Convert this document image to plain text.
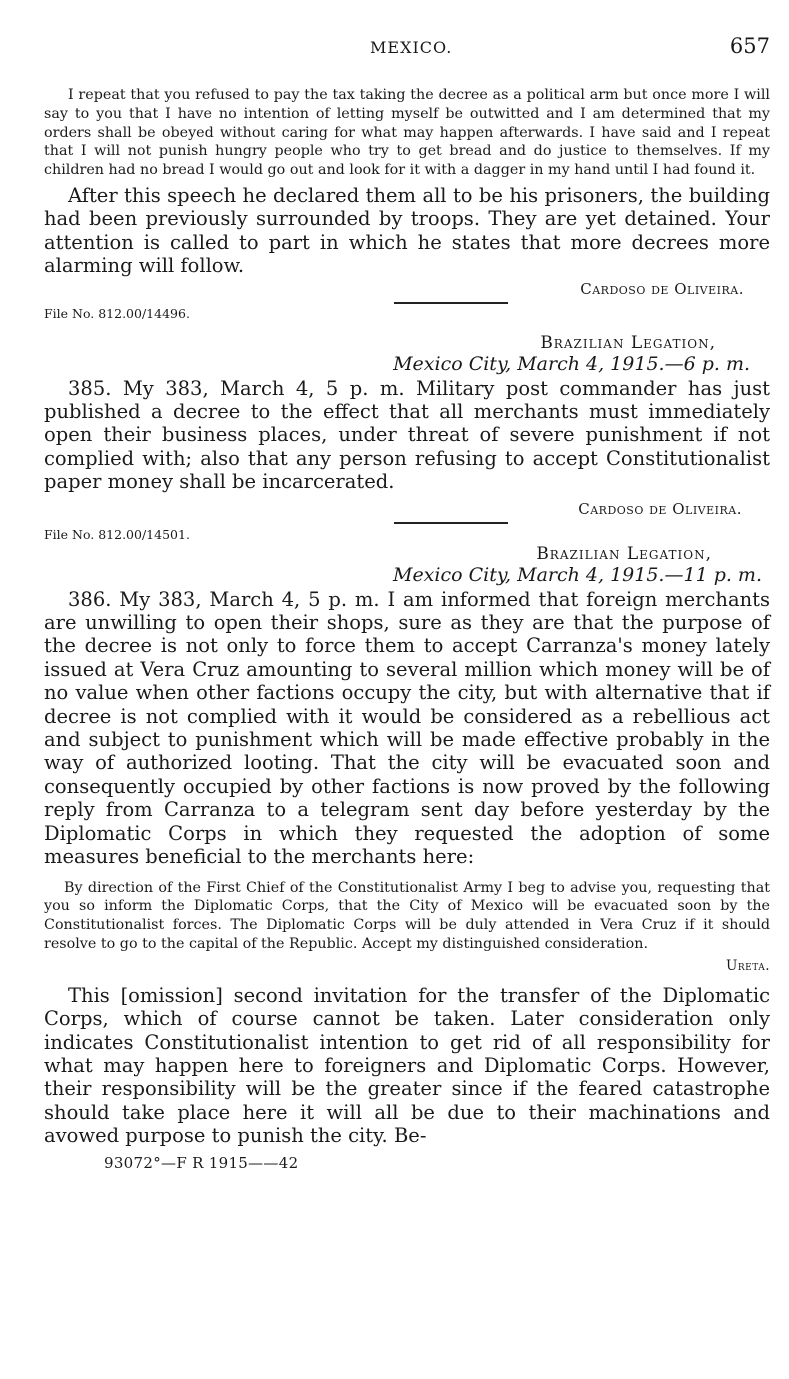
MEXICO.	657

I repeat that you refused to pay the tax taking the decree as a political arm but once more I will say to you that I have no intention of letting myself be outwitted and I am determined that my orders shall be obeyed without caring for what may happen afterwards. I have said and I repeat that I will not punish hungry people who try to get bread and do justice to themselves. If my children had no bread I would go out and look for it with a dagger in my hand until I had found it.

After this speech he declared them all to be his prisoners, the building had been previously surrounded by troops. They are yet detained. Your attention is called to part in which he states that more decrees more alarming will follow.

Cardoso de Oliveira.

File No. 812.00/14496.

Brazilian Legation,

Mexico City, March 4, 1915.—6 p. m.

385. My 383, March 4, 5 p. m. Military post commander has just published a decree to the effect that all merchants must immediately open their business places, under threat of severe punishment if not complied with; also that any person refusing to accept Constitutionalist paper money shall be incarcerated.

Cardoso de Oliveira.

File No. 812.00/14501.

Brazilian Legation,

Mexico City, March 4, 1915.—11 p. m.

386. My 383, March 4, 5 p. m. I am informed that foreign merchants are unwilling to open their shops, sure as they are that the purpose of the decree is not only to force them to accept Carranza's money lately issued at Vera Cruz amounting to several million which money will be of no value when other factions occupy the city, but with alternative that if decree is not complied with it would be considered as a rebellious act and subject to punishment which will be made effective probably in the way of authorized looting. That the city will be evacuated soon and consequently occupied by other factions is now proved by the following reply from Carranza to a telegram sent day before yesterday by the Diplomatic Corps in which they requested the adoption of some measures beneficial to the merchants here:

By direction of the First Chief of the Constitutionalist Army I beg to advise you, requesting that you so inform the Diplomatic Corps, that the City of Mexico will be evacuated soon by the Constitutionalist forces. The Diplomatic Corps will be duly attended in Vera Cruz if it should resolve to go to the capital of the Republic. Accept my distinguished consideration.

Ureta.

This [omission] second invitation for the transfer of the Diplomatic Corps, which of course cannot be taken. Later consideration only indicates Constitutionalist intention to get rid of all responsibility for what may happen here to foreigners and Diplomatic Corps. However, their responsibility will be the greater since if the feared catastrophe should take place here it will all be due to their machinations and avowed purpose to punish the city. Be-

93072°—F R 1915——42
